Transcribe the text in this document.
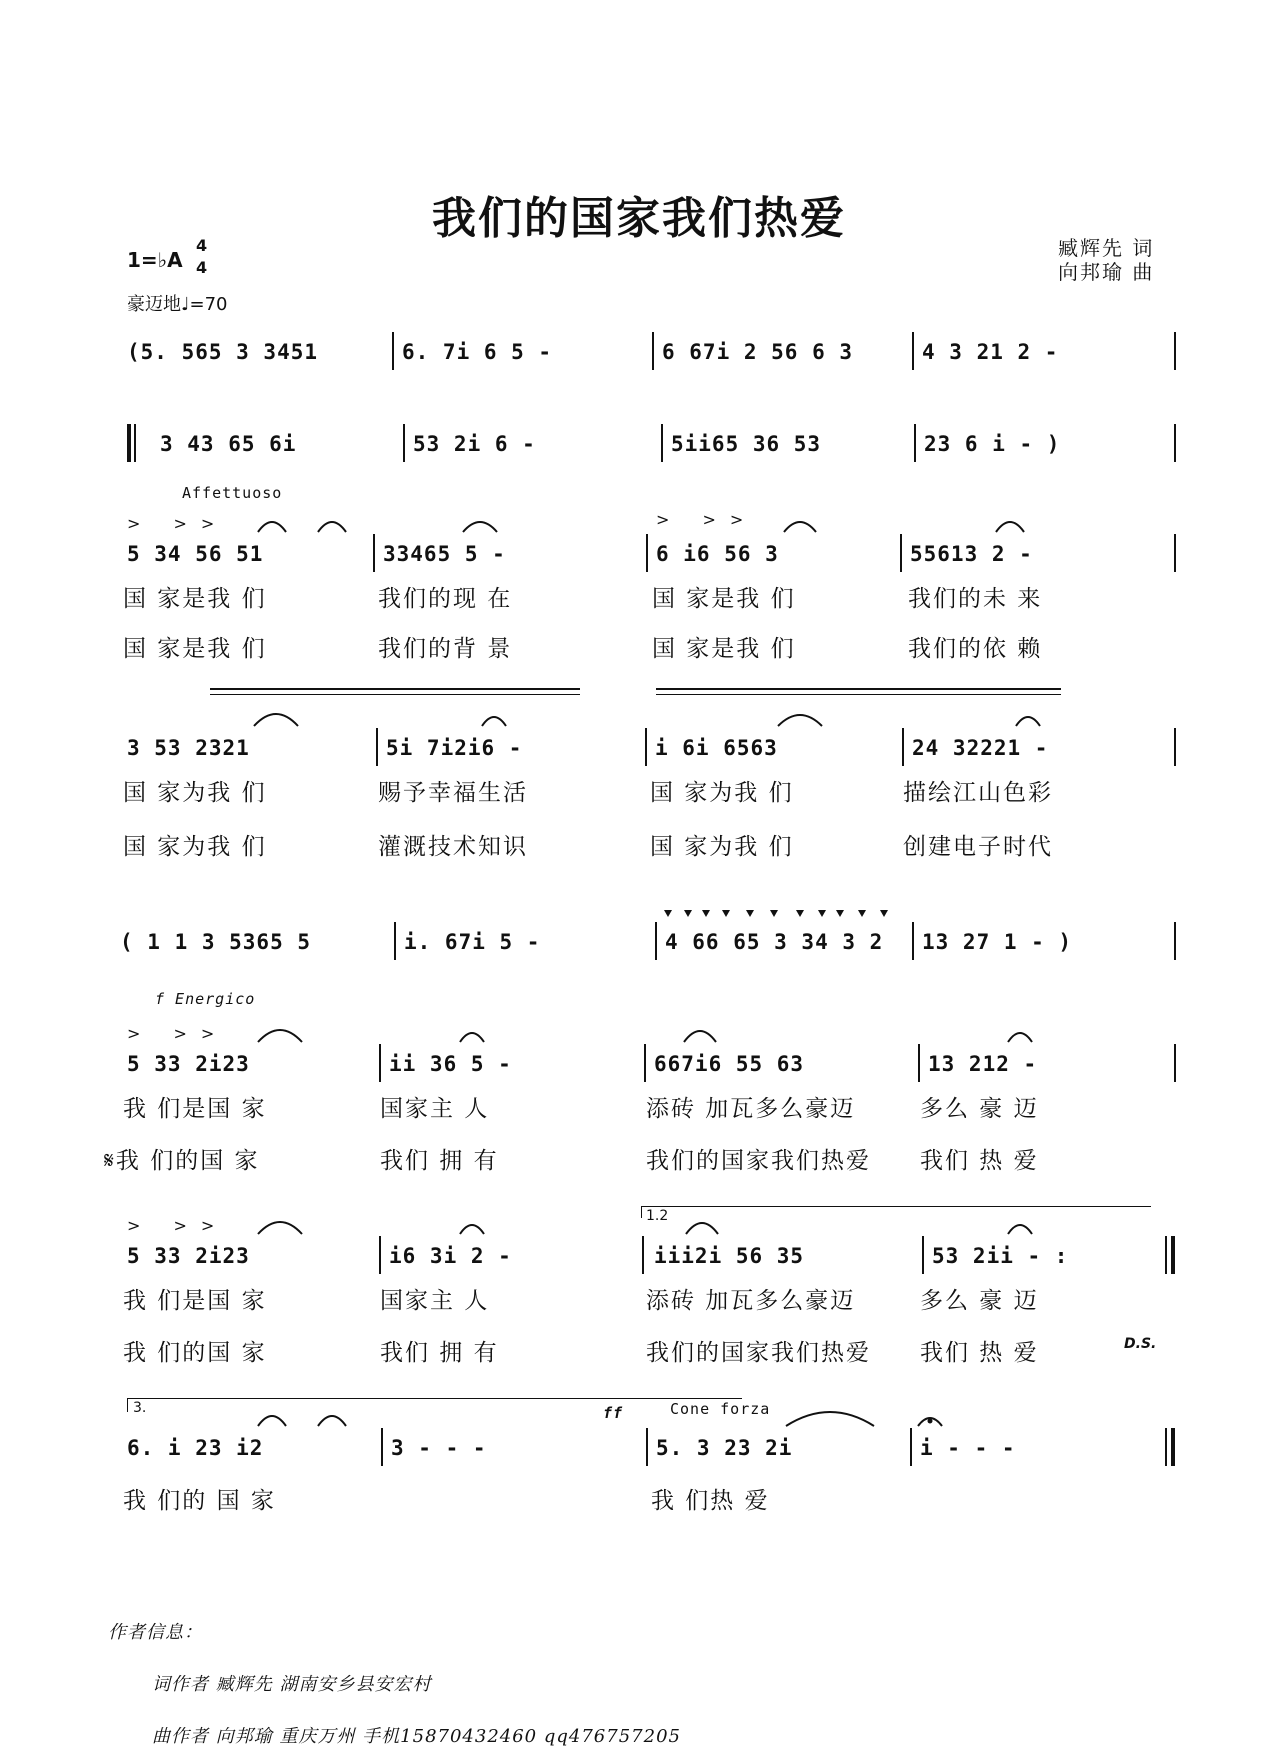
我们的国家我们热爱
臧辉先 词
向邦瑜 曲
1=♭A
4
4
豪迈地♩=70
(5. 565 3 3451	6. 7i 6 5 -	6 67i 2 56 6 3	4 3 21 2 -
3 43 65 6i	53 2i 6 -	5ii65 36 53	23 6 i - )
Affettuoso
> >>	> >>
5 34 56 51	33465 5 -	6 i6 56 3	55613 2 -
国 家是我 们	我们的现 在	国 家是我 们	我们的未 来
国 家是我 们	我们的背 景	国 家是我 们	我们的依 赖
3 53 2321	5i 7i2i6 -	i 6i 6563	24 32221 -
国 家为我 们	赐予幸福生活	国 家为我 们	描绘江山色彩
国 家为我 们	灌溉技术知识	国 家为我 们	创建电子时代
( 1 1 3 5365 5	i. 67i 5 -	4 66 65 3 34 3 2 13 27 1 - )
f Energico
> >>
5 33 2i23	ii 36 5 -	667i6 55 63	13 212 -
我 们是国 家	国家主 人	添砖 加瓦多么豪迈	多么 豪 迈
𝄋我 们的国 家	我们 拥 有	我们的国家我们热爱 我们 热 爱
1.2
> >>
5 33 2i23	i6 3i 2 -	iii2i 56 35	53 2ii - :
我 们是国 家	国家主 人	添砖 加瓦多么豪迈	多么 豪 迈
我 们的国 家	我们 拥 有	我们的国家我们热爱 我们 热 爱	D.S.
3.	ff	Cone forza
6. i 23 i2	3 - - -	5. 3 23 2i	i - - -
我 们的 国 家	我 们热 爱
作者信息：
词作者 臧辉先 湖南安乡县安宏村
曲作者 向邦瑜 重庆万州 手机15870432460 qq476757205
